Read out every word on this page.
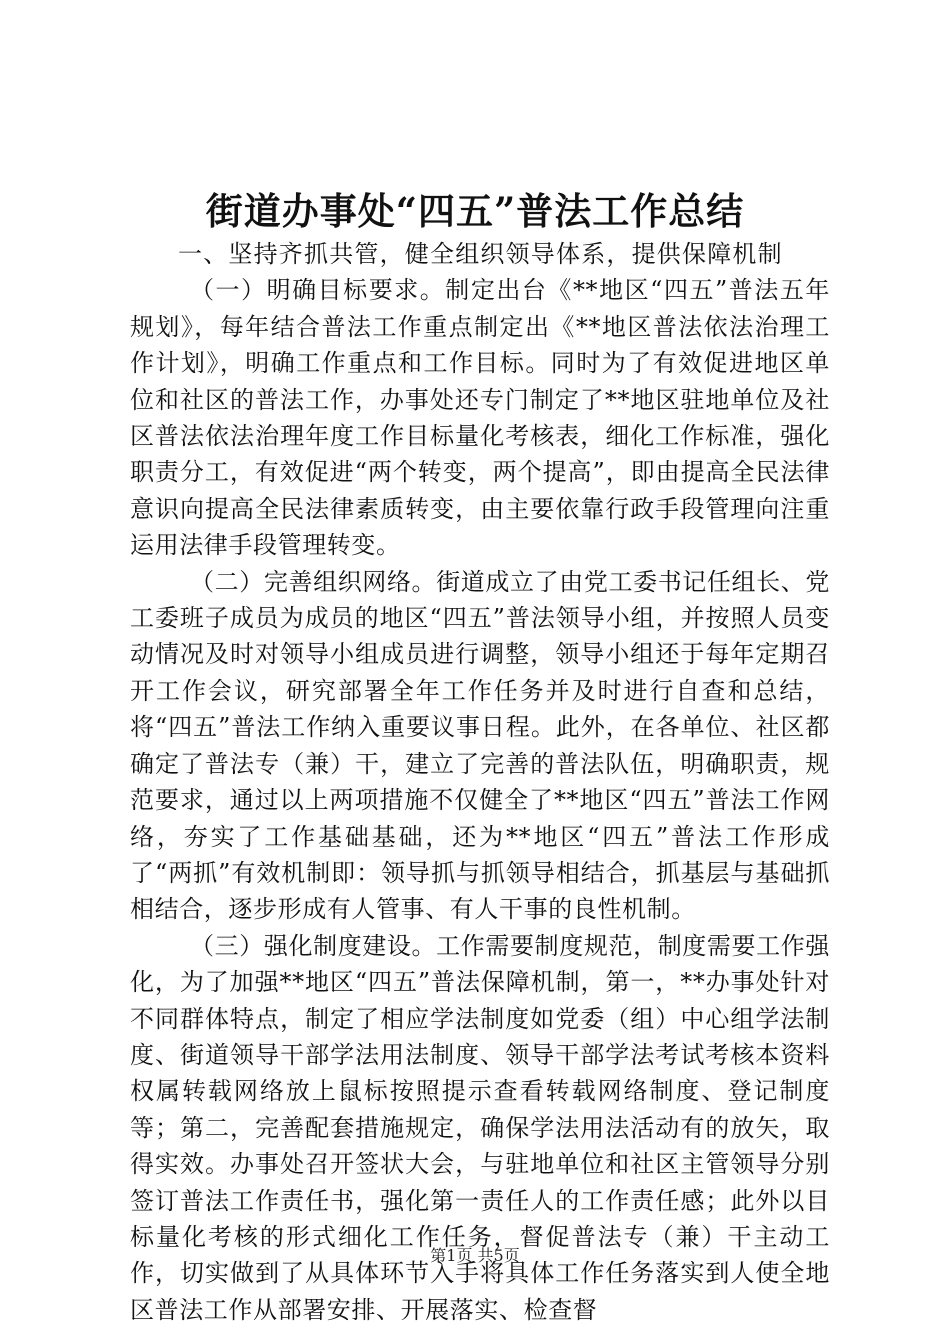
街道办事处“四五”普法工作总结

一、坚持齐抓共管，健全组织领导体系，提供保障机制

（一）明确目标要求。制定出台《**地区“四五”普法五年规划》，每年结合普法工作重点制定出《**地区普法依法治理工作计划》，明确工作重点和工作目标。同时为了有效促进地区单位和社区的普法工作，办事处还专门制定了**地区驻地单位及社区普法依法治理年度工作目标量化考核表，细化工作标准，强化职责分工，有效促进“两个转变，两个提高”，即由提高全民法律意识向提高全民法律素质转变，由主要依靠行政手段管理向注重运用法律手段管理转变。

（二）完善组织网络。街道成立了由党工委书记任组长、党工委班子成员为成员的地区“四五”普法领导小组，并按照人员变动情况及时对领导小组成员进行调整，领导小组还于每年定期召开工作会议，研究部署全年工作任务并及时进行自查和总结，将“四五”普法工作纳入重要议事日程。此外，在各单位、社区都确定了普法专（兼）干，建立了完善的普法队伍，明确职责，规范要求，通过以上两项措施不仅健全了**地区“四五”普法工作网络，夯实了工作基础基础，还为**地区“四五”普法工作形成了“两抓”有效机制即：领导抓与抓领导相结合，抓基层与基础抓相结合，逐步形成有人管事、有人干事的良性机制。

（三）强化制度建设。工作需要制度规范，制度需要工作强化，为了加强**地区“四五”普法保障机制，第一，**办事处针对不同群体特点，制定了相应学法制度如党委（组）中心组学法制度、街道领导干部学法用法制度、领导干部学法考试考核本资料权属转载网络放上鼠标按照提示查看转载网络制度、登记制度等；第二，完善配套措施规定，确保学法用法活动有的放矢，取得实效。办事处召开签状大会，与驻地单位和社区主管领导分别签订普法工作责任书，强化第一责任人的工作责任感；此外以目标量化考核的形式细化工作任务，督促普法专（兼）干主动工作，切实做到了从具体环节入手将具体工作任务落实到人使全地区普法工作从部署安排、开展落实、检查督

第1页 共5页
